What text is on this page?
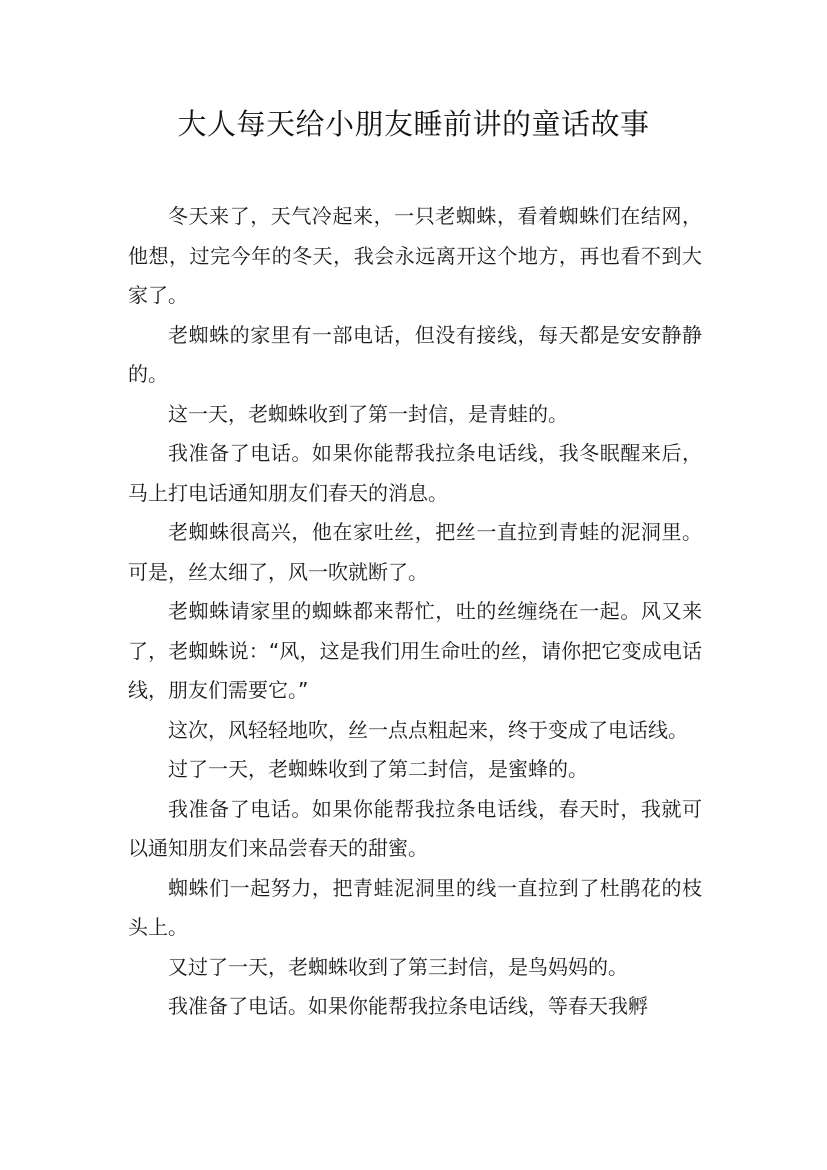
大人每天给小朋友睡前讲的童话故事

冬天来了，天气冷起来，一只老蜘蛛，看着蜘蛛们在结网，他想，过完今年的冬天，我会永远离开这个地方，再也看不到大家了。

老蜘蛛的家里有一部电话，但没有接线，每天都是安安静静的。

这一天，老蜘蛛收到了第一封信，是青蛙的。

我准备了电话。如果你能帮我拉条电话线，我冬眠醒来后，马上打电话通知朋友们春天的消息。

老蜘蛛很高兴，他在家吐丝，把丝一直拉到青蛙的泥洞里。可是，丝太细了，风一吹就断了。

老蜘蛛请家里的蜘蛛都来帮忙，吐的丝缠绕在一起。风又来了，老蜘蛛说：“风，这是我们用生命吐的丝，请你把它变成电话线，朋友们需要它。”

这次，风轻轻地吹，丝一点点粗起来，终于变成了电话线。

过了一天，老蜘蛛收到了第二封信，是蜜蜂的。

我准备了电话。如果你能帮我拉条电话线，春天时，我就可以通知朋友们来品尝春天的甜蜜。

蜘蛛们一起努力，把青蛙泥洞里的线一直拉到了杜鹃花的枝头上。

又过了一天，老蜘蛛收到了第三封信，是鸟妈妈的。

我准备了电话。如果你能帮我拉条电话线，等春天我孵
